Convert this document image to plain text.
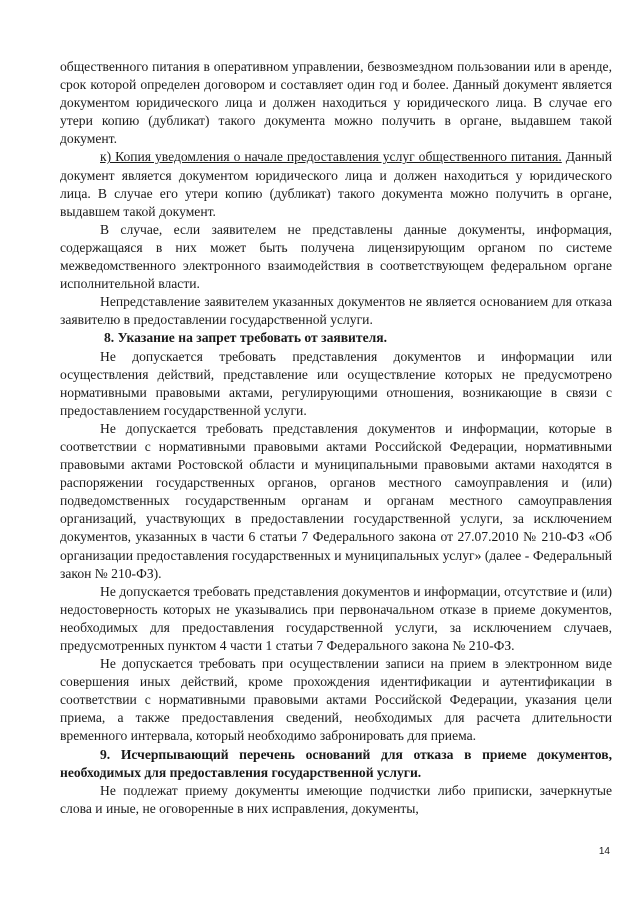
общественного питания в оперативном управлении, безвозмездном пользовании или в аренде, срок которой определен договором и составляет один год и более. Данный документ является документом юридического лица и должен находиться у юридического лица. В случае его утери копию (дубликат) такого документа можно получить в органе, выдавшем такой документ.

к) Копия уведомления о начале предоставления услуг общественного питания. Данный документ является документом юридического лица и должен находиться у юридического лица. В случае его утери копию (дубликат) такого документа можно получить в органе, выдавшем такой документ.

В случае, если заявителем не представлены данные документы, информация, содержащаяся в них может быть получена лицензирующим органом по системе межведомственного электронного взаимодействия в соответствующем федеральном органе исполнительной власти.

Непредставление заявителем указанных документов не является основанием для отказа заявителю в предоставлении государственной услуги.

8. Указание на запрет требовать от заявителя.

Не допускается требовать представления документов и информации или осуществления действий, представление или осуществление которых не предусмотрено нормативными правовыми актами, регулирующими отношения, возникающие в связи с предоставлением государственной услуги.

Не допускается требовать представления документов и информации, которые в соответствии с нормативными правовыми актами Российской Федерации, нормативными правовыми актами Ростовской области и муниципальными правовыми актами находятся в распоряжении государственных органов, органов местного самоуправления и (или) подведомственных государственным органам и органам местного самоуправления организаций, участвующих в предоставлении государственной услуги, за исключением документов, указанных в части 6 статьи 7 Федерального закона от 27.07.2010 № 210-ФЗ «Об организации предоставления государственных и муниципальных услуг» (далее - Федеральный закон № 210-ФЗ).

Не допускается требовать представления документов и информации, отсутствие и (или) недостоверность которых не указывались при первоначальном отказе в приеме документов, необходимых для предоставления государственной услуги, за исключением случаев, предусмотренных пунктом 4 части 1 статьи 7 Федерального закона № 210-ФЗ.

Не допускается требовать при осуществлении записи на прием в электронном виде совершения иных действий, кроме прохождения идентификации и аутентификации в соответствии с нормативными правовыми актами Российской Федерации, указания цели приема, а также предоставления сведений, необходимых для расчета длительности временного интервала, который необходимо забронировать для приема.

9. Исчерпывающий перечень оснований для отказа в приеме документов, необходимых для предоставления государственной услуги.

Не подлежат приему документы имеющие подчистки либо приписки, зачеркнутые слова и иные, не оговоренные в них исправления, документы,

14
